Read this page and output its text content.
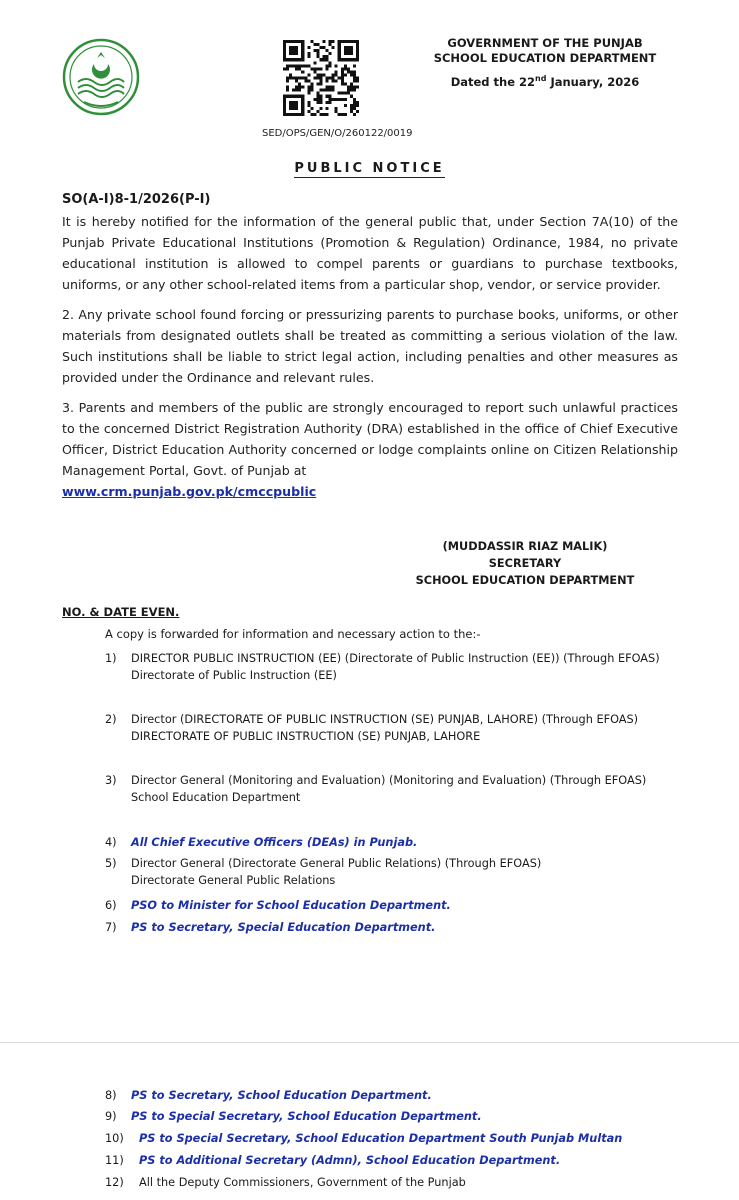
SED/OPS/GEN/O/260122/0019
GOVERNMENT OF THE PUNJAB
SCHOOL EDUCATION DEPARTMENT
Dated the 22nd January, 2026
PUBLIC NOTICE
SO(A-I)8-1/2026(P-I)
It is hereby notified for the information of the general public that, under Section 7A(10) of the Punjab Private Educational Institutions (Promotion & Regulation) Ordinance, 1984, no private educational institution is allowed to compel parents or guardians to purchase textbooks, uniforms, or any other school-related items from a particular shop, vendor, or service provider.
2. Any private school found forcing or pressurizing parents to purchase books, uniforms, or other materials from designated outlets shall be treated as committing a serious violation of the law. Such institutions shall be liable to strict legal action, including penalties and other measures as provided under the Ordinance and relevant rules.
3. Parents and members of the public are strongly encouraged to report such unlawful practices to the concerned District Registration Authority (DRA) established in the office of Chief Executive Officer, District Education Authority concerned or lodge complaints online on Citizen Relationship Management Portal, Govt. of Punjab at
www.crm.punjab.gov.pk/cmccpublic
(MUDDASSIR RIAZ MALIK)
SECRETARY
SCHOOL EDUCATION DEPARTMENT
NO. & DATE EVEN.
A copy is forwarded for information and necessary action to the:-
1)	DIRECTOR PUBLIC INSTRUCTION (EE) (Directorate of Public Instruction (EE)) (Through EFOAS)
Directorate of Public Instruction (EE)
2)	Director (DIRECTORATE OF PUBLIC INSTRUCTION (SE) PUNJAB, LAHORE) (Through EFOAS)
DIRECTORATE OF PUBLIC INSTRUCTION (SE) PUNJAB, LAHORE
3)	Director General (Monitoring and Evaluation) (Monitoring and Evaluation) (Through EFOAS)
School Education Department
4)	All Chief Executive Officers (DEAs) in Punjab.
5)	Director General (Directorate General Public Relations) (Through EFOAS)
Directorate General Public Relations
6)	PSO to Minister for School Education Department.
7)	PS to Secretary, Special Education Department.
8)	PS to Secretary, School Education Department.
9)	PS to Special Secretary, School Education Department.
10) PS to Special Secretary, School Education Department South Punjab Multan
11) PS to Additional Secretary (Admn), School Education Department.
12) All the Deputy Commissioners, Government of the Punjab
